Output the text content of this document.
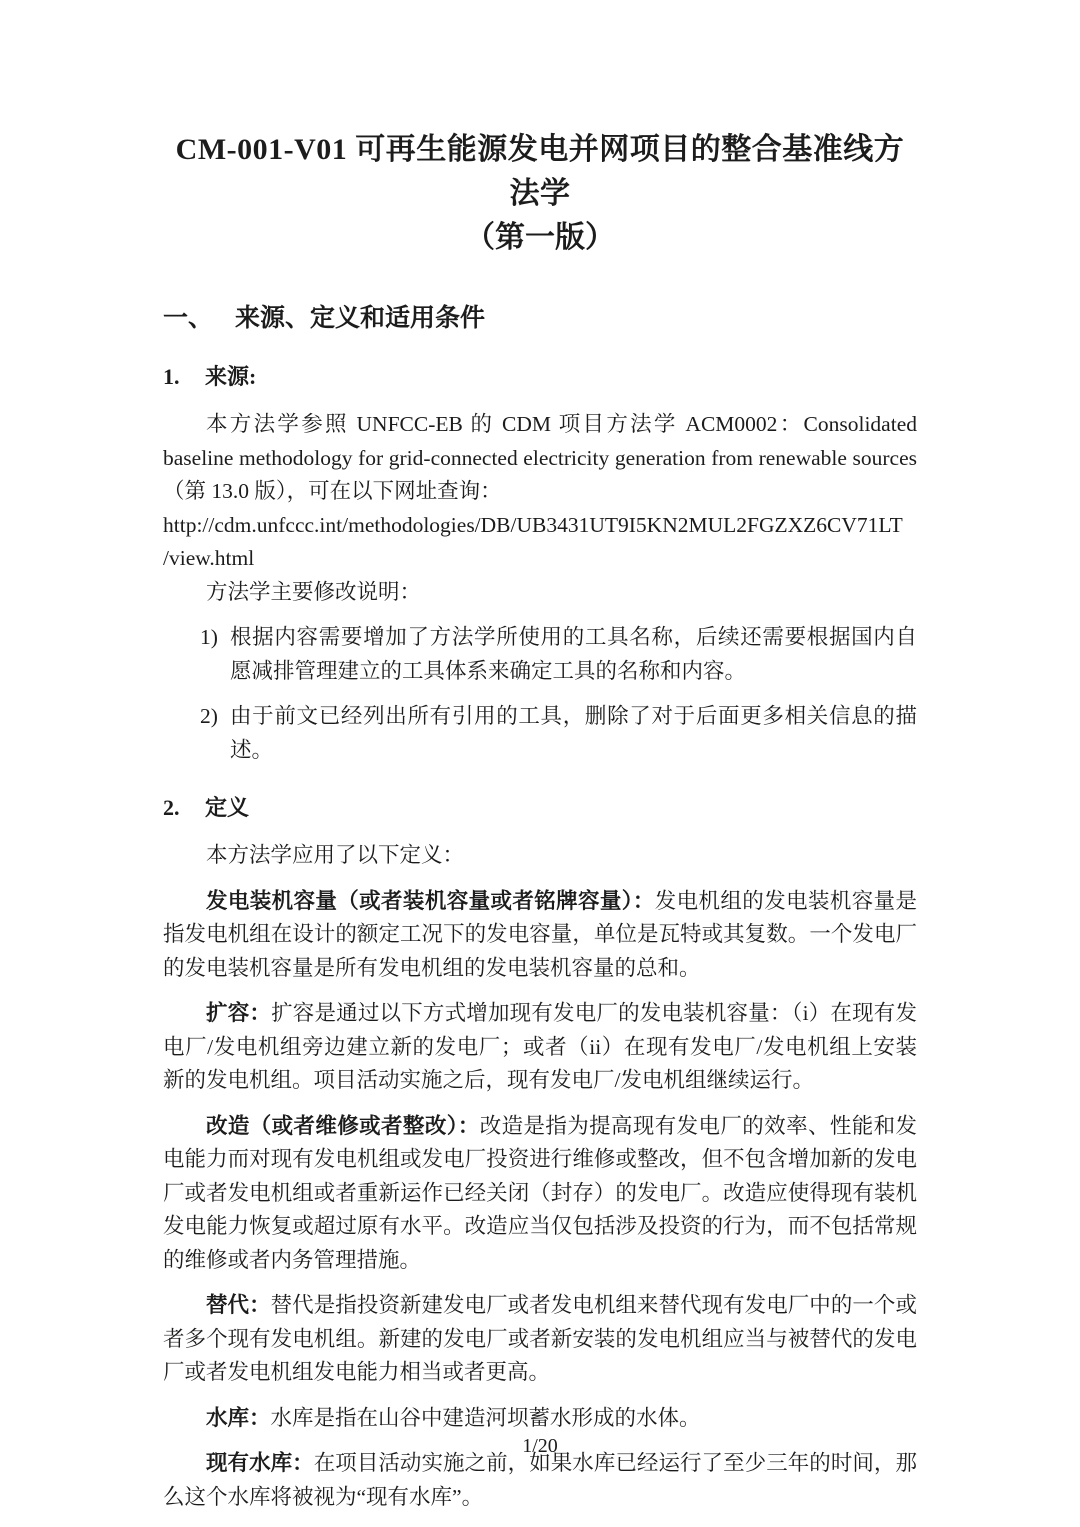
CM-001-V01 可再生能源发电并网项目的整合基准线方法学
（第一版）
一、 来源、定义和适用条件
1. 来源:

本方法学参照 UNFCC-EB 的 CDM 项目方法学 ACM0002：Consolidated baseline methodology for grid-connected electricity generation from renewable sources（第 13.0 版），可在以下网址查询：

http://cdm.unfccc.int/methodologies/DB/UB3431UT9I5KN2MUL2FGZXZ6CV71LT
/view.html

方法学主要修改说明：

1) 根据内容需要增加了方法学所使用的工具名称，后续还需要根据国内自愿减排管理建立的工具体系来确定工具的名称和内容。
2) 由于前文已经列出所有引用的工具，删除了对于后面更多相关信息的描述。
2. 定义

本方法学应用了以下定义：

发电装机容量（或者装机容量或者铭牌容量）：发电机组的发电装机容量是指发电机组在设计的额定工况下的发电容量，单位是瓦特或其复数。一个发电厂的发电装机容量是所有发电机组的发电装机容量的总和。

扩容：扩容是通过以下方式增加现有发电厂的发电装机容量：（i）在现有发电厂/发电机组旁边建立新的发电厂；或者（ii）在现有发电厂/发电机组上安装新的发电机组。项目活动实施之后，现有发电厂/发电机组继续运行。

改造（或者维修或者整改）：改造是指为提高现有发电厂的效率、性能和发电能力而对现有发电机组或发电厂投资进行维修或整改，但不包含增加新的发电厂或者发电机组或者重新运作已经关闭（封存）的发电厂。改造应使得现有装机发电能力恢复或超过原有水平。改造应当仅包括涉及投资的行为，而不包括常规的维修或者内务管理措施。

替代：替代是指投资新建发电厂或者发电机组来替代现有发电厂中的一个或者多个现有发电机组。新建的发电厂或者新安装的发电机组应当与被替代的发电厂或者发电机组发电能力相当或者更高。

水库：水库是指在山谷中建造河坝蓄水形成的水体。

现有水库：在项目活动实施之前，如果水库已经运行了至少三年的时间，那么这个水库将被视为“现有水库”。

1/20
